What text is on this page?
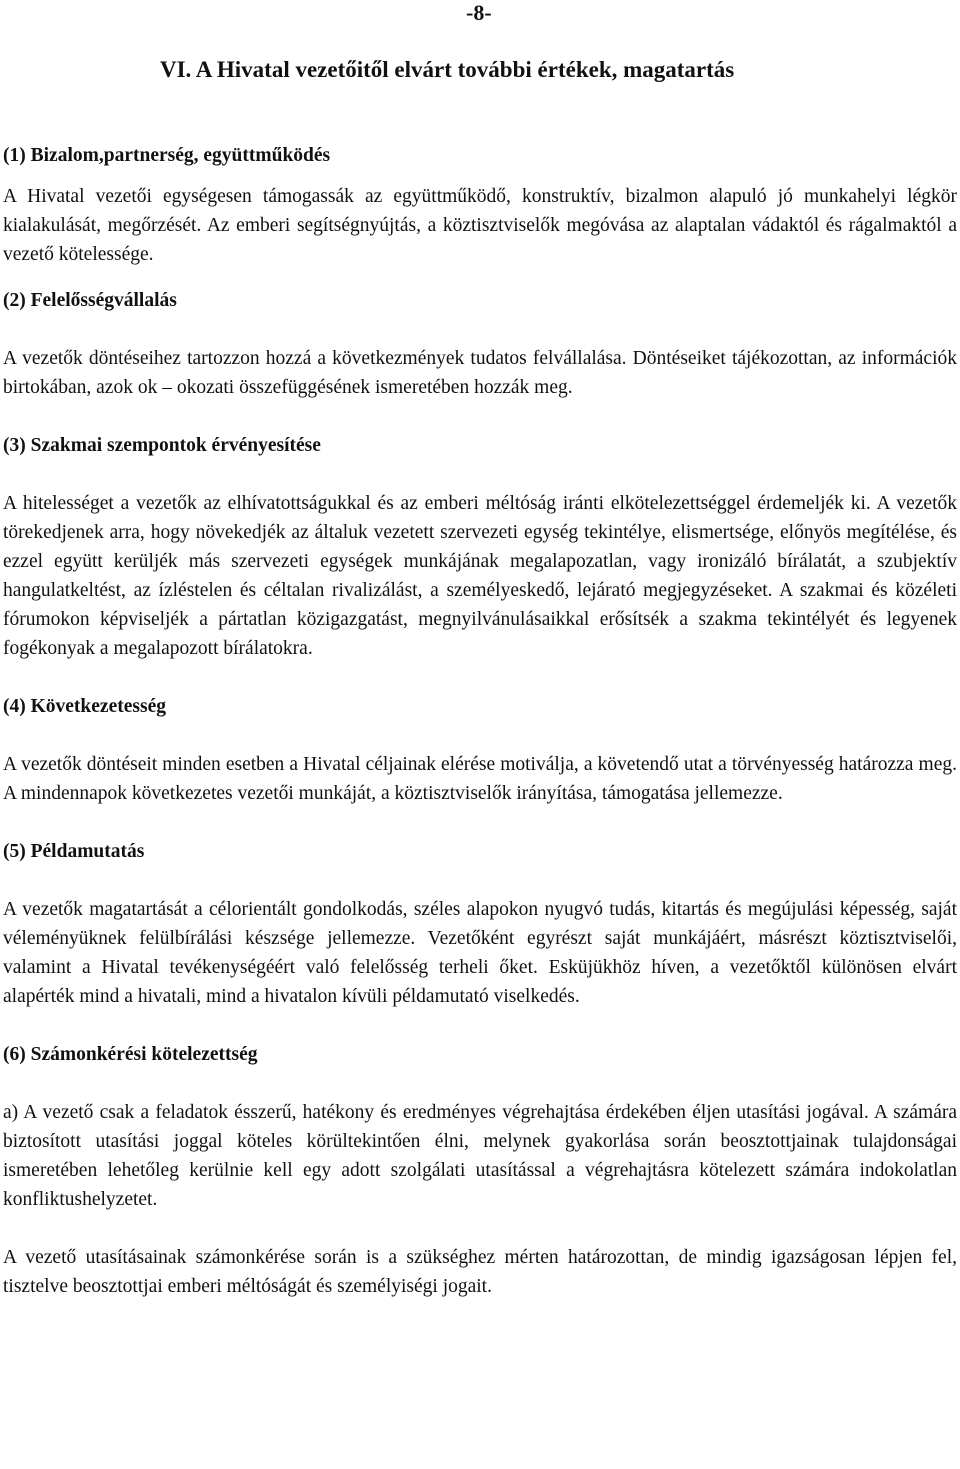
-8-
VI. A Hivatal vezetőitől elvárt további értékek, magatartás
(1) Bizalom,partnerség, együttműködés

A Hivatal vezetői egységesen támogassák az együttműködő, konstruktív, bizalmon alapuló jó munkahelyi légkör kialakulását, megőrzését. Az emberi segítségnyújtás, a köztisztviselők megóvása az alaptalan vádaktól és rágalmaktól a vezető kötelessége.

(2) Felelősségvállalás

A vezetők döntéseihez tartozzon hozzá a következmények tudatos felvállalása. Döntéseiket tájékozottan, az információk birtokában, azok ok – okozati összefüggésének ismeretében hozzák meg.

(3) Szakmai szempontok érvényesítése

A hitelességet a vezetők az elhívatottságukkal és az emberi méltóság iránti elkötelezettséggel érdemeljék ki. A vezetők törekedjenek arra, hogy növekedjék az általuk vezetett szervezeti egység tekintélye, elismertsége, előnyös megítélése, és ezzel együtt kerüljék más szervezeti egységek munkájának megalapozatlan, vagy ironizáló bírálatát, a szubjektív hangulatkeltést, az ízléstelen és céltalan rivalizálást, a személyeskedő, lejárató megjegyzéseket. A szakmai és közéleti fórumokon képviseljék a pártatlan közigazgatást, megnyilvánulásaikkal erősítsék a szakma tekintélyét és legyenek fogékonyak a megalapozott bírálatokra.

(4) Következetesség

A vezetők döntéseit minden esetben a Hivatal céljainak elérése motiválja, a követendő utat a törvényesség határozza meg. A mindennapok következetes vezetői munkáját, a köztisztviselők irányítása, támogatása jellemezze.

(5) Példamutatás

A vezetők magatartását a célorientált gondolkodás, széles alapokon nyugvó tudás, kitartás és megújulási képesség, saját véleményüknek felülbírálási készsége jellemezze. Vezetőként egyrészt saját munkájáért, másrészt köztisztviselői, valamint a Hivatal tevékenységéért való felelősség terheli őket. Esküjükhöz híven, a vezetőktől különösen elvárt alapérték mind a hivatali, mind a hivatalon kívüli példamutató viselkedés.

(6) Számonkérési kötelezettség

a) A vezető csak a feladatok ésszerű, hatékony és eredményes végrehajtása érdekében éljen utasítási jogával. A számára biztosított utasítási joggal köteles körültekintően élni, melynek gyakorlása során beosztottjainak tulajdonságai ismeretében lehetőleg kerülnie kell egy adott szolgálati utasítással a végrehajtásra kötelezett számára indokolatlan konfliktushelyzetet.

A vezető utasításainak számonkérése során is a szükséghez mérten határozottan, de mindig igazságosan lépjen fel, tisztelve beosztottjai emberi méltóságát és személyiségi jogait.
